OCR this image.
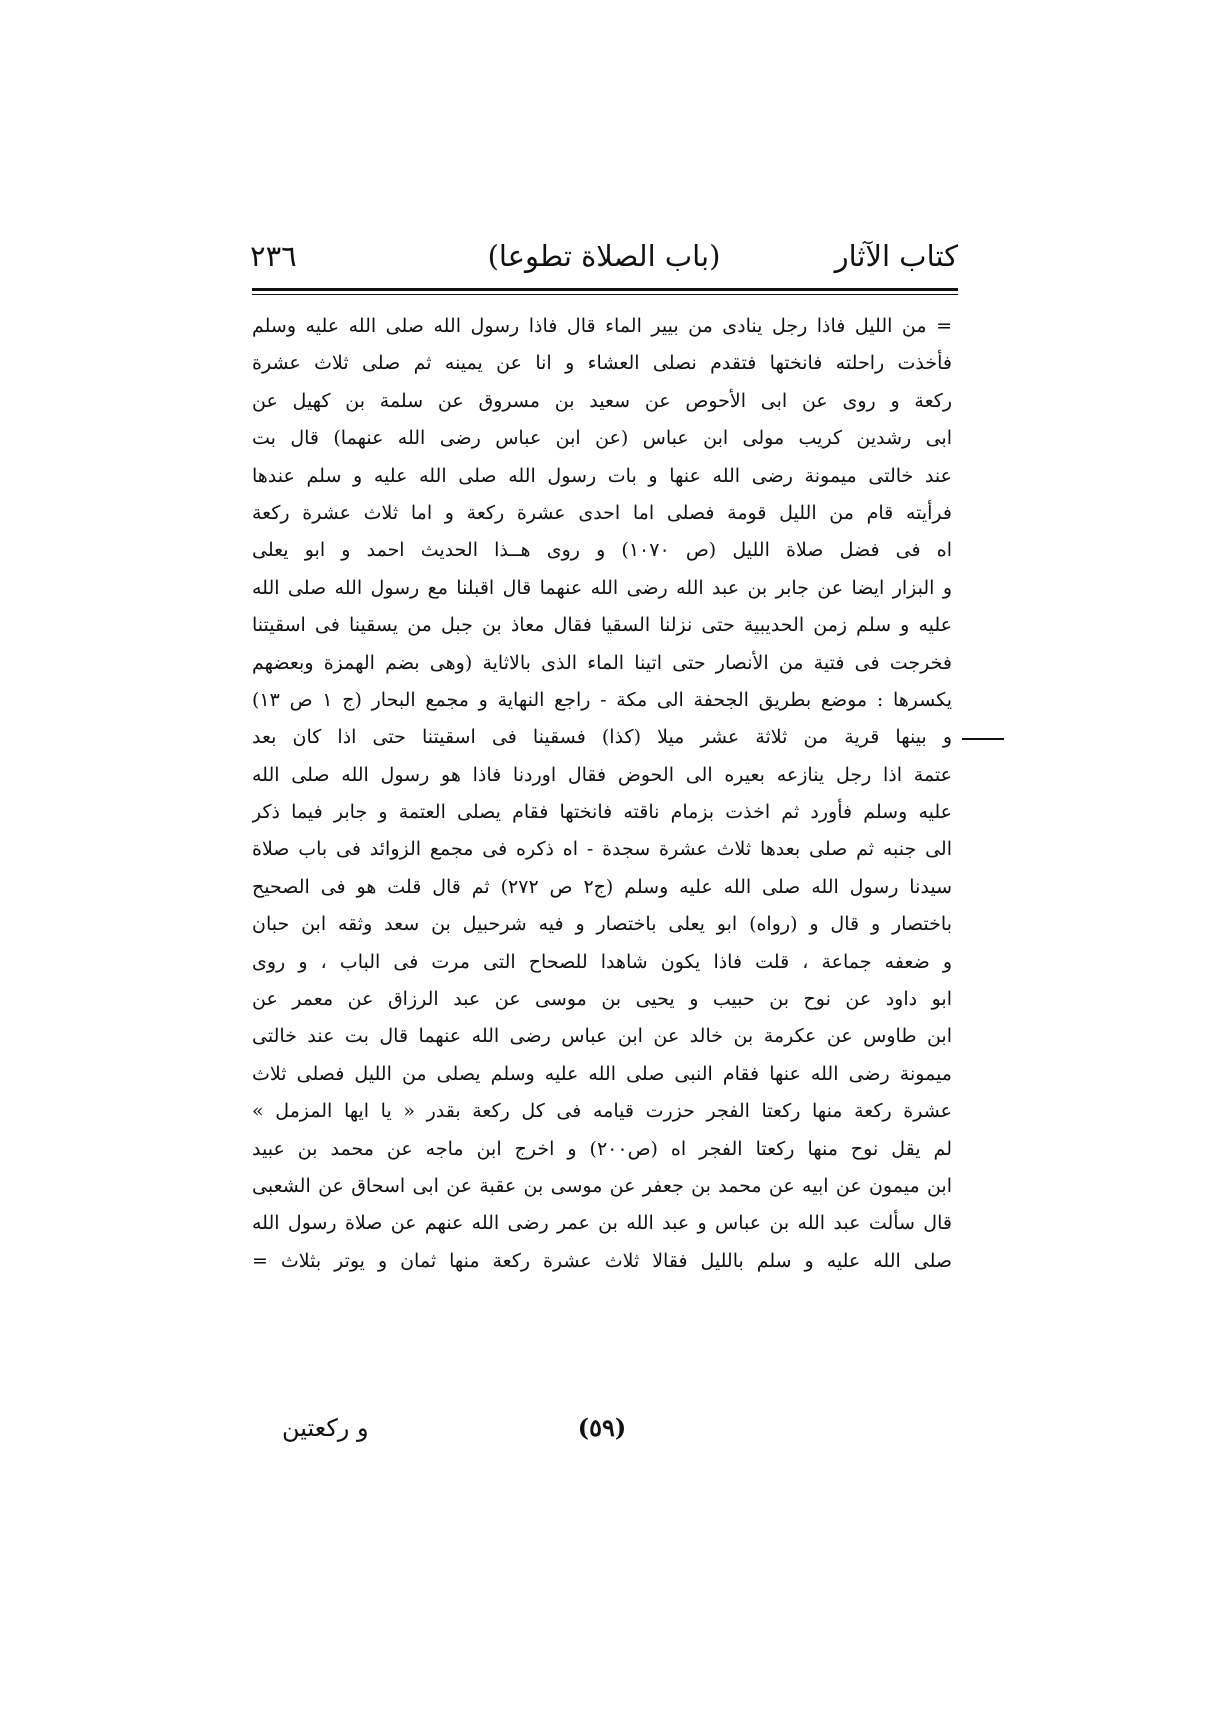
كتاب الآثار
(باب الصلاة تطوعا)
٢٣٦
= من الليل فاذا رجل ينادى من بيير الماء قال فاذا رسول الله صلى الله عليه وسلم
فأخذت راحلته فانختها فتقدم نصلى العشاء و انا عن يمينه ثم صلى ثلاث عشرة
ركعة و روى عن ابى الأحوص عن سعيد بن مسروق عن سلمة بن كهيل عن
ابى رشدين كريب مولى ابن عباس (عن ابن عباس رضى الله عنهما) قال بت
عند خالتى ميمونة رضى الله عنها و بات رسول الله صلى الله عليه و سلم عندها
فرأيته قام من الليل قومة فصلى اما احدى عشرة ركعة و اما ثلاث عشرة ركعة
اه فى فضل صلاة الليل (ص ١٠٧٠) و روى هــذا الحديث احمد و ابو يعلى
و البزار ايضا عن جابر بن عبد الله رضى الله عنهما قال اقبلنا مع رسول الله صلى الله
عليه و سلم زمن الحديبية حتى نزلنا السقيا فقال معاذ بن جبل من يسقينا فى اسقيتنا
فخرجت فى فتية من الأنصار حتى اتينا الماء الذى بالاثاية (وهى بضم الهمزة وبعضهم
يكسرها : موضع بطريق الجحفة الى مكة - راجع النهاية و مجمع البحار (ج ١ ص ١٣)
و بينها قرية من ثلاثة عشر ميلا (كذا) فسقينا فى اسقيتنا حتى اذا كان بعد
عتمة اذا رجل ينازعه بعيره الى الحوض فقال اوردنا فاذا هو رسول الله صلى الله
عليه وسلم فأورد ثم اخذت بزمام ناقته فانختها فقام يصلى العتمة و جابر فيما ذكر
الى جنبه ثم صلى بعدها ثلاث عشرة سجدة - اه ذكره فى مجمع الزوائد فى باب صلاة
سيدنا رسول الله صلى الله عليه وسلم (ج٢ ص ٢٧٢) ثم قال قلت هو فى الصحيح
باختصار و قال و (رواه) ابو يعلى باختصار و فيه شرحبيل بن سعد وثقه ابن حبان
و ضعفه جماعة ، قلت فاذا يكون شاهدا للصحاح التى مرت فى الباب ، و روى
ابو داود عن نوح بن حبيب و يحيى بن موسى عن عبد الرزاق عن معمر عن
ابن طاوس عن عكرمة بن خالد عن ابن عباس رضى الله عنهما قال بت عند خالتى
ميمونة رضى الله عنها فقام النبى صلى الله عليه وسلم يصلى من الليل فصلى ثلاث
عشرة ركعة منها ركعتا الفجر حزرت قيامه فى كل ركعة بقدر « يا ايها المزمل »
لم يقل نوح منها ركعتا الفجر اه (ص٢٠٠) و اخرج ابن ماجه عن محمد بن عبيد
ابن ميمون عن ابيه عن محمد بن جعفر عن موسى بن عقبة عن ابى اسحاق عن الشعبى
قال سألت عبد الله بن عباس و عبد الله بن عمر رضى الله عنهم عن صلاة رسول الله
صلى الله عليه و سلم بالليل فقالا ثلاث عشرة ركعة منها ثمان و يوتر بثلاث =
(٥٩)
و ركعتين
